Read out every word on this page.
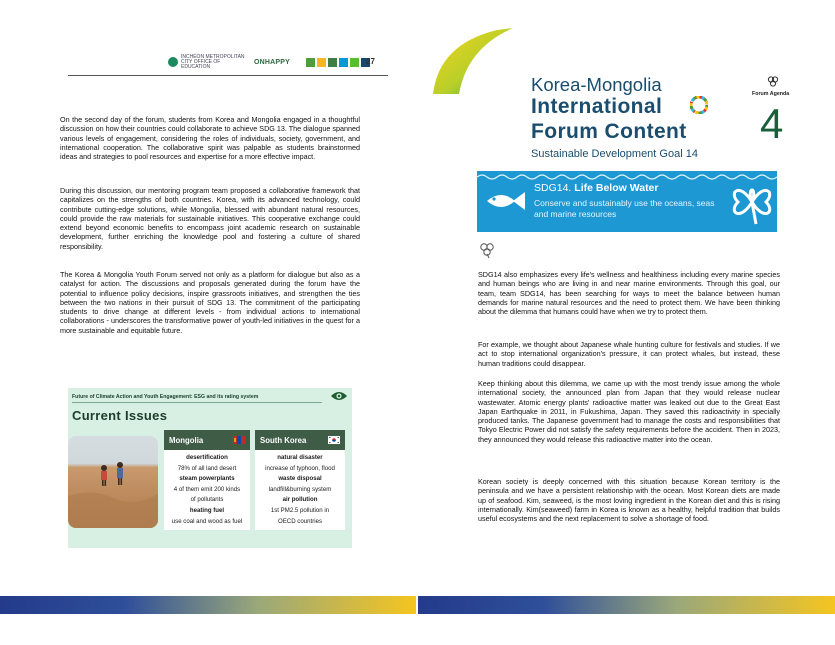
INCHEON METROPOLITAN CITY OFFICE OF EDUCATION
ONHAPPY	27

On the second day of the forum, students from Korea and Mongolia engaged in a thoughtful discussion on how their countries could collaborate to achieve SDG 13. The dialogue spanned various levels of engagement, considering the roles of individuals, society, government, and international cooperation. The collaborative spirit was palpable as students brainstormed ideas and strategies to pool resources and expertise for a more effective impact.

During this discussion, our mentoring program team proposed a collaborative framework that capitalizes on the strengths of both countries. Korea, with its advanced technology, could contribute cutting-edge solutions, while Mongolia, blessed with abundant natural resources, could provide the raw materials for sustainable initiatives. This cooperative exchange could extend beyond economic benefits to encompass joint academic research on sustainable development, further enriching the knowledge pool and fostering a culture of shared responsibility.

The Korea & Mongolia Youth Forum served not only as a platform for dialogue but also as a catalyst for action. The discussions and proposals generated during the forum have the potential to influence policy decisions, inspire grassroots initiatives, and strengthen the ties between the two nations in their pursuit of SDG 13. The commitment of the participating students to drive change at different levels - from individual actions to international collaborations - underscores the transformative power of youth-led initiatives in the quest for a more sustainable and equitable future.

Future of Climate Action and Youth Engagement: ESG and its rating system
Current Issues
Mongolia
desertification
78% of all land desert
steam powerplants
4 of them emit 200 kinds
of pollutants
heating fuel
use coal and wood as fuel
South Korea
natural disaster
increase of typhoon, flood
waste disposal
landfill&burning system
air pollution
1st PM2.5 pollution in
OECD countries
Korea-Mongolia
International
Forum Content
Sustainable Development Goal 14
Forum Agenda
4
SDG14. Life Below Water
Conserve and sustainably use the oceans, seas and marine resources

SDG14 also emphasizes every life's wellness and healthiness including every marine species and human beings who are living in and near marine environments. Through this goal, our team, team SDG14, has been searching for ways to meet the balance between human demands for marine natural resources and the need to protect them. We have been thinking about the dilemma that humans could have when we try to protect them.

For example, we thought about Japanese whale hunting culture for festivals and studies. If we act to stop international organization's pressure, it can protect whales, but instead, these human traditions could disappear.

Keep thinking about this dilemma, we came up with the most trendy issue among the whole international society, the announced plan from Japan that they would release nuclear wastewater. Atomic energy plants' radioactive matter was leaked out due to the Great East Japan Earthquake in 2011, in Fukushima, Japan. They saved this radioactivity in specially produced tanks. The Japanese government had to manage the costs and responsibilities that Tokyo Electric Power did not satisfy the safety requirements before the accident. Then in 2023, they announced they would release this radioactive matter into the ocean.

Korean society is deeply concerned with this situation because Korean territory is the peninsula and we have a persistent relationship with the ocean. Most Korean diets are made up of seafood. Kim, seaweed, is the most loving ingredient in the Korean diet and this is rising internationally. Kim(seaweed) farm in Korea is known as a healthy, helpful tradition that builds useful ecosystems and the next replacement to solve a shortage of food.
